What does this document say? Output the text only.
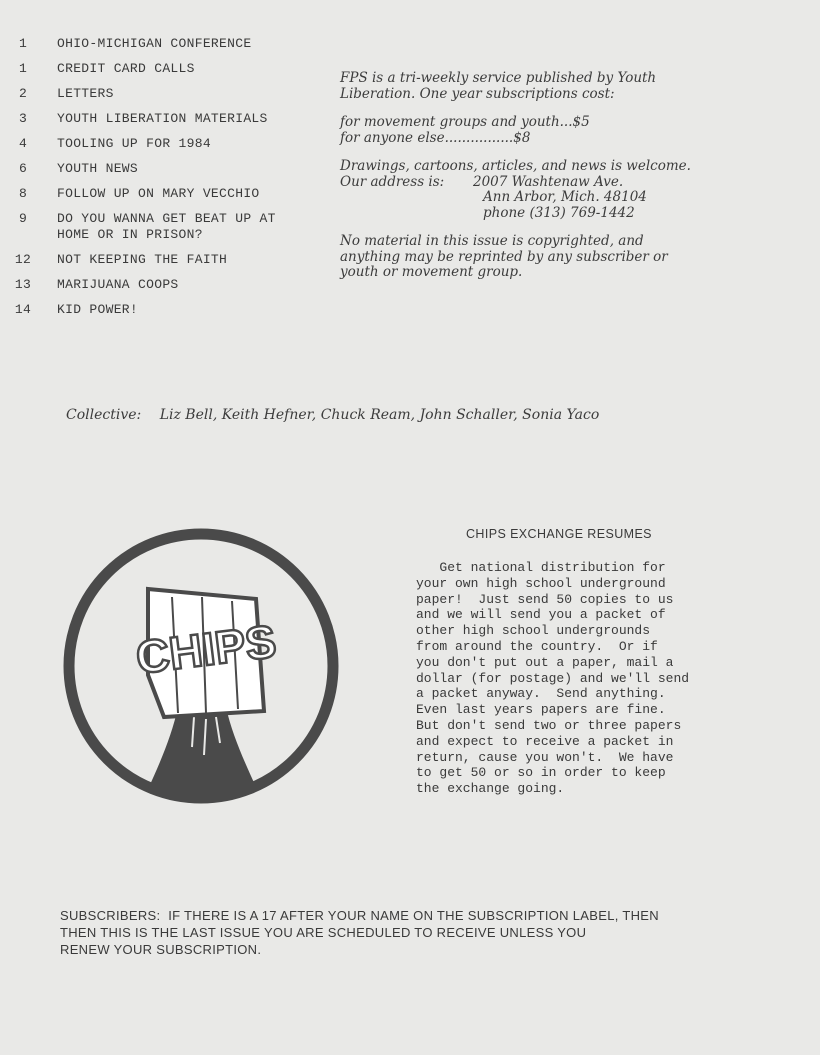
1	OHIO-MICHIGAN CONFERENCE
1	CREDIT CARD CALLS
2	LETTERS
3	YOUTH LIBERATION MATERIALS
4	TOOLING UP FOR 1984
6	YOUTH NEWS
8	FOLLOW UP ON MARY VECCHIO
9	DO YOU WANNA GET BEAT UP AT
HOME OR IN PRISON?
12	NOT KEEPING THE FAITH
13	MARIJUANA COOPS
14	KID POWER!

FPS is a tri-weekly service published by Youth
Liberation. One year subscriptions cost:

for movement groups and youth...$5
for anyone else................$8

Drawings, cartoons, articles, and news is welcome.
Our address is:	2007 Washtenaw Ave.
Ann Arbor, Mich. 48104
phone (313) 769-1442

No material in this issue is copyrighted, and
anything may be reprinted by any subscriber or
youth or movement group.

Collective: Liz Bell, Keith Hefner, Chuck Ream, John Schaller, Sonia Yaco
CHIPS
CHIPS EXCHANGE RESUMES
Get national distribution for
your own high school underground
paper!  Just send 50 copies to us
and we will send you a packet of
other high school undergrounds
from around the country.  Or if
you don't put out a paper, mail a
dollar (for postage) and we'll send
a packet anyway.  Send anything.
Even last years papers are fine.
But don't send two or three papers
and expect to receive a packet in
return, cause you won't.  We have
to get 50 or so in order to keep
the exchange going.
SUBSCRIBERS:  IF THERE IS A 17 AFTER YOUR NAME ON THE SUBSCRIPTION LABEL, THEN
THEN THIS IS THE LAST ISSUE YOU ARE SCHEDULED TO RECEIVE UNLESS YOU
RENEW YOUR SUBSCRIPTION.
